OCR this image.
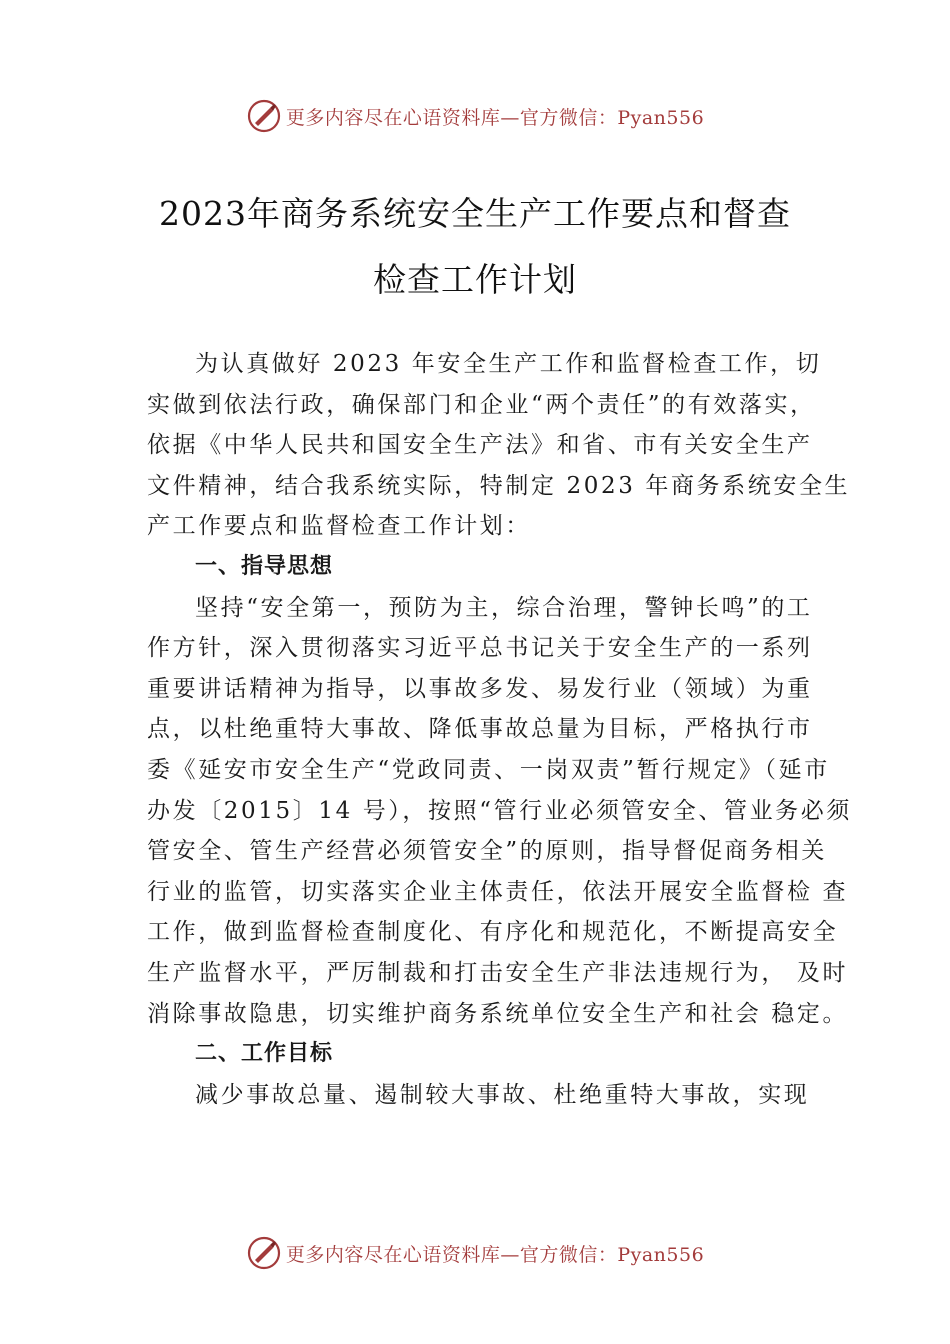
更多内容尽在心语资料库—官方微信：Pyan556
2023年商务系统安全生产工作要点和督查
检查工作计划
为认真做好 2023 年安全生产工作和监督检查工作，切
实做到依法行政，确保部门和企业“两个责任”的有效落实，
依据《中华人民共和国安全生产法》和省、市有关安全生产
文件精神，结合我系统实际，特制定 2023 年商务系统安全生
产工作要点和监督检查工作计划：
一、指导思想
坚持“安全第一，预防为主，综合治理，警钟长鸣”的工
作方针，深入贯彻落实习近平总书记关于安全生产的一系列
重要讲话精神为指导，以事故多发、易发行业（领域）为重
点，以杜绝重特大事故、降低事故总量为目标，严格执行市
委《延安市安全生产“党政同责、一岗双责”暂行规定》（延市
办发〔2015〕14 号），按照“管行业必须管安全、管业务必须
管安全、管生产经营必须管安全”的原则，指导督促商务相关
行业的监管，切实落实企业主体责任，依法开展安全监督检 查
工作，做到监督检查制度化、有序化和规范化，不断提高安全
生产监督水平，严厉制裁和打击安全生产非法违规行为， 及时
消除事故隐患，切实维护商务系统单位安全生产和社会 稳定。
二、工作目标
减少事故总量、遏制较大事故、杜绝重特大事故，实现
更多内容尽在心语资料库—官方微信：Pyan556
